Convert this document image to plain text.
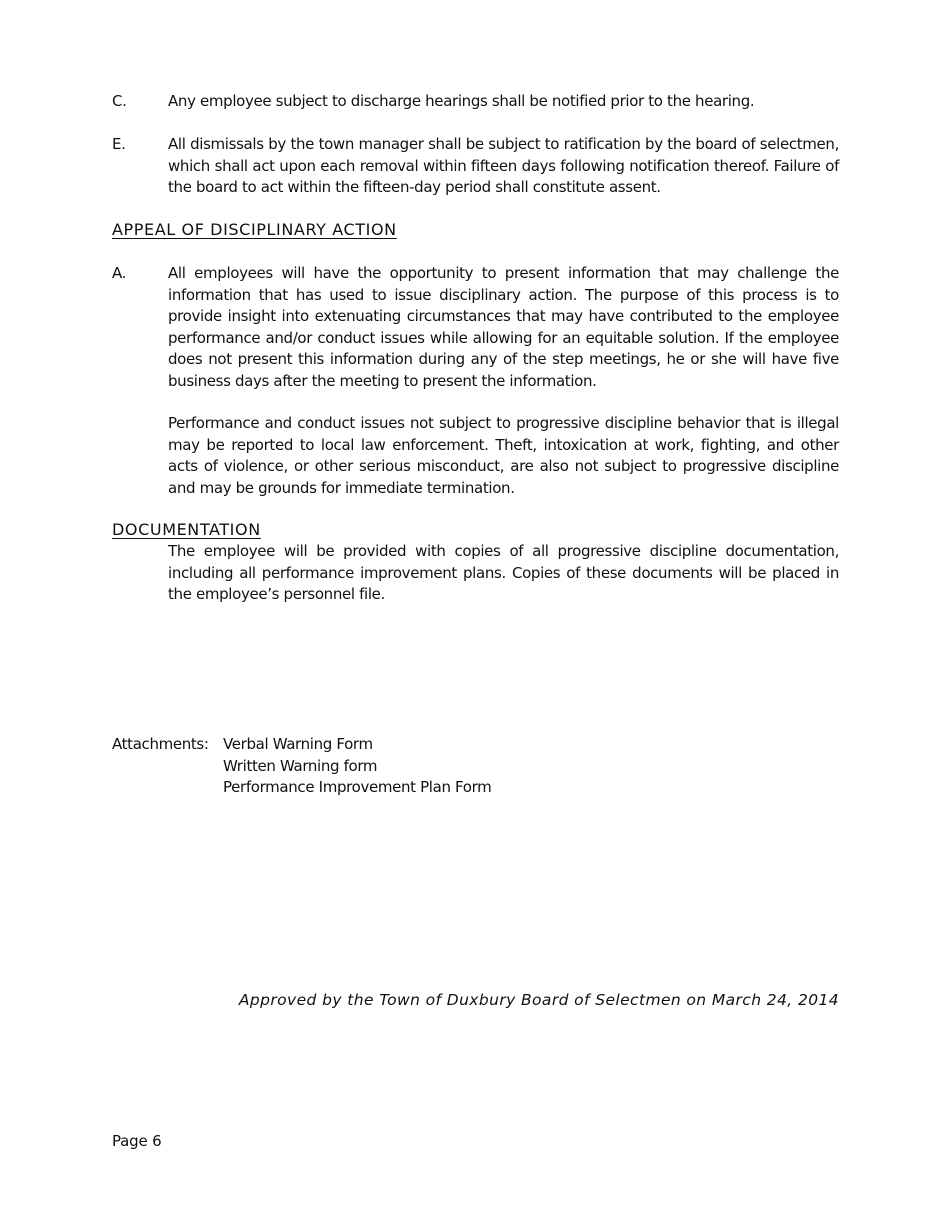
C.	Any employee subject to discharge hearings shall be notified prior to the hearing.
E.	All dismissals by the town manager shall be subject to ratification by the board of selectmen, which shall act upon each removal within fifteen days following notification thereof. Failure of the board to act within the fifteen-day period shall constitute assent.
APPEAL OF DISCIPLINARY ACTION
A.	All employees will have the opportunity to present information that may challenge the information that has used to issue disciplinary action. The purpose of this process is to provide insight into extenuating circumstances that may have contributed to the employee performance and/or conduct issues while allowing for an equitable solution. If the employee does not present this information during any of the step meetings, he or she will have five business days after the meeting to present the information.
Performance and conduct issues not subject to progressive discipline behavior that is illegal may be reported to local law enforcement. Theft, intoxication at work, fighting, and other acts of violence, or other serious misconduct, are also not subject to progressive discipline and may be grounds for immediate termination.
DOCUMENTATION
The employee will be provided with copies of all progressive discipline documentation, including all performance improvement plans. Copies of these documents will be placed in the employee’s personnel file.
Attachments: Verbal Warning Form
Written Warning form
Performance Improvement Plan Form
Approved by the Town of Duxbury Board of Selectmen on March 24, 2014
Page 6
